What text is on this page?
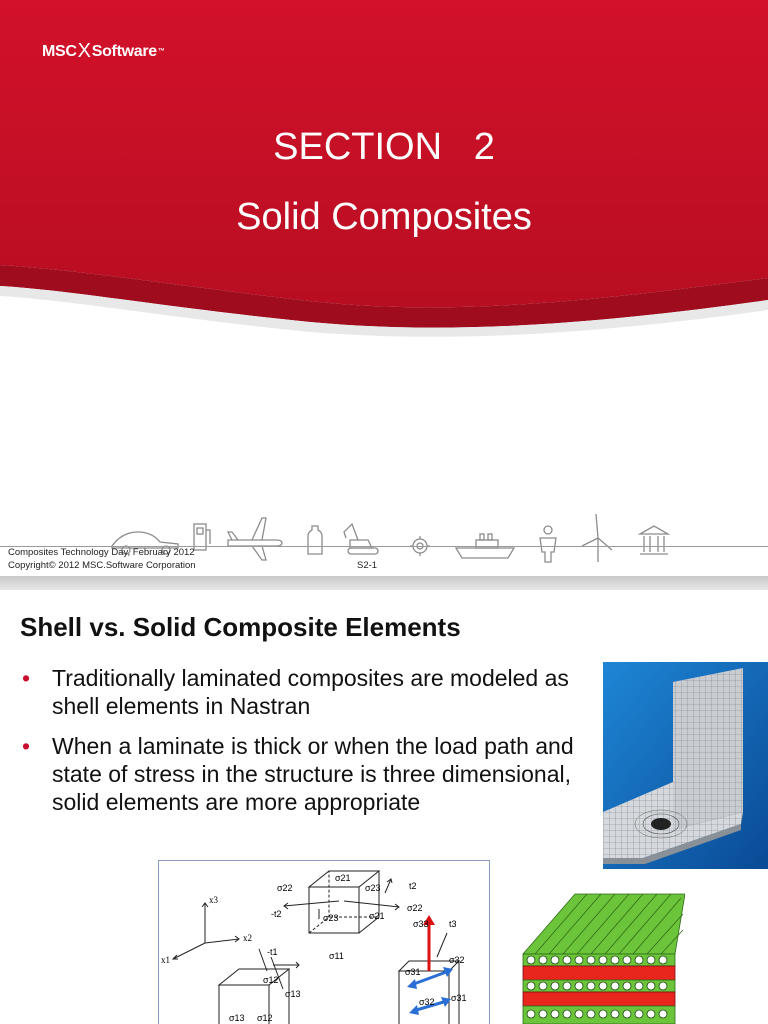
MSC X Software ™
SECTION   2
Solid Composites
Composites Technology Day, February 2012
Copyright© 2012 MSC.Software Corporation	S2-1
Shell vs. Solid Composite Elements
• Traditionally laminated composites are modeled as shell elements in Nastran
• When a laminate is thick or when the load path and state of stress in the structure is three dimensional, solid elements are more appropriate
σ22
σ21
σ23	t2
σ22
-t2	σ23	σ21
x3
x2
x1
-t1	σ11
σ12
σ13
σ13 σ12
σ33 t3
σ31
σ32
σ31
σ32
